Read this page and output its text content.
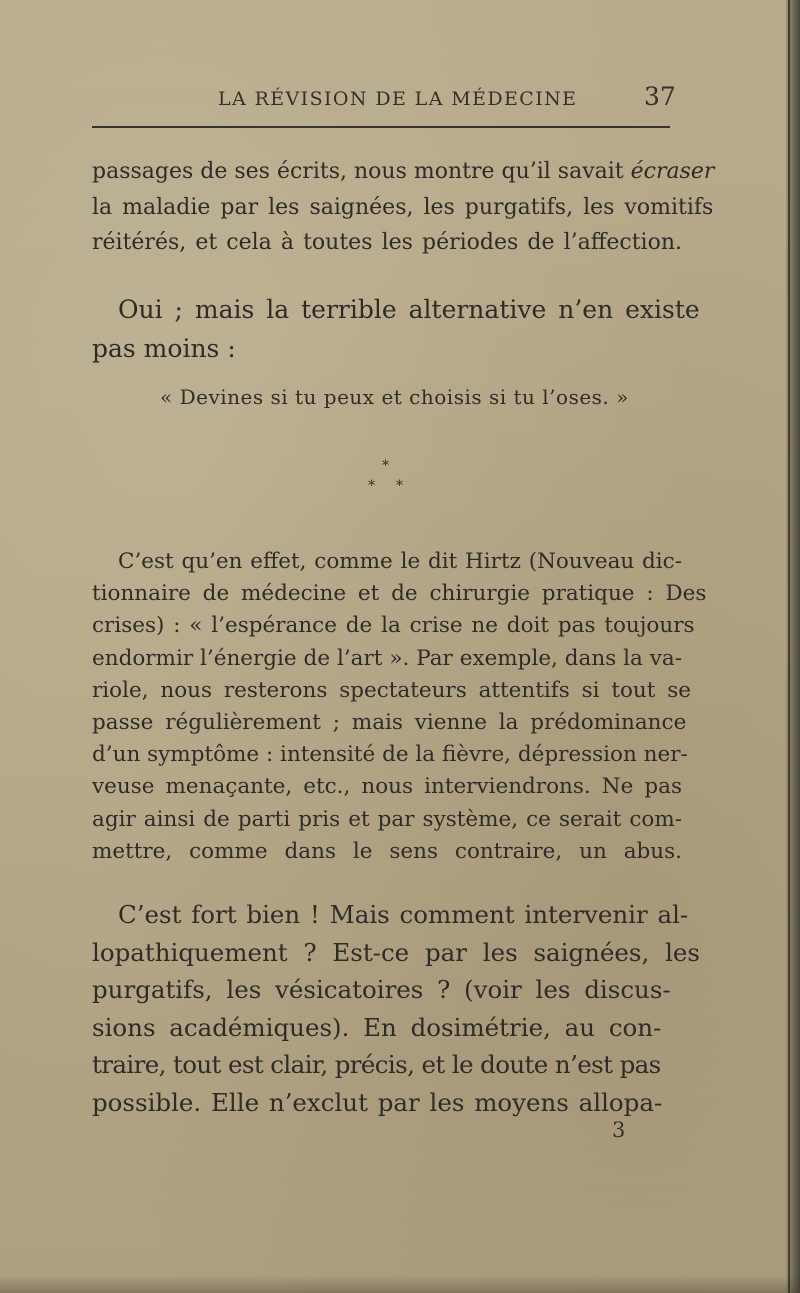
LA RÉVISION DE LA MÉDECINE	37
passages de ses écrits, nous montre qu’il savait écraser
la maladie par les saignées, les purgatifs, les vomitifs
réitérés, et cela à toutes les périodes de l’affection.
Oui ; mais la terrible alternative n’en existe
pas moins :
« Devines si tu peux et choisis si tu l’oses. »
*
* *
C’est qu’en effet, comme le dit Hirtz (Nouveau dic-
tionnaire de médecine et de chirurgie pratique : Des
crises) : « l’espérance de la crise ne doit pas toujours
endormir l’énergie de l’art ». Par exemple, dans la va-
riole, nous resterons spectateurs attentifs si tout se
passe régulièrement ; mais vienne la prédominance
d’un symptôme : intensité de la fièvre, dépression ner-
veuse menaçante, etc., nous interviendrons. Ne pas
agir ainsi de parti pris et par système, ce serait com-
mettre, comme dans le sens contraire, un abus.
C’est fort bien ! Mais comment intervenir al-
lopathiquement ? Est-ce par les saignées, les
purgatifs, les vésicatoires ? (voir les discus-
sions académiques). En dosimétrie, au con-
traire, tout est clair, précis, et le doute n’est pas
possible. Elle n’exclut par les moyens allopa-
3
